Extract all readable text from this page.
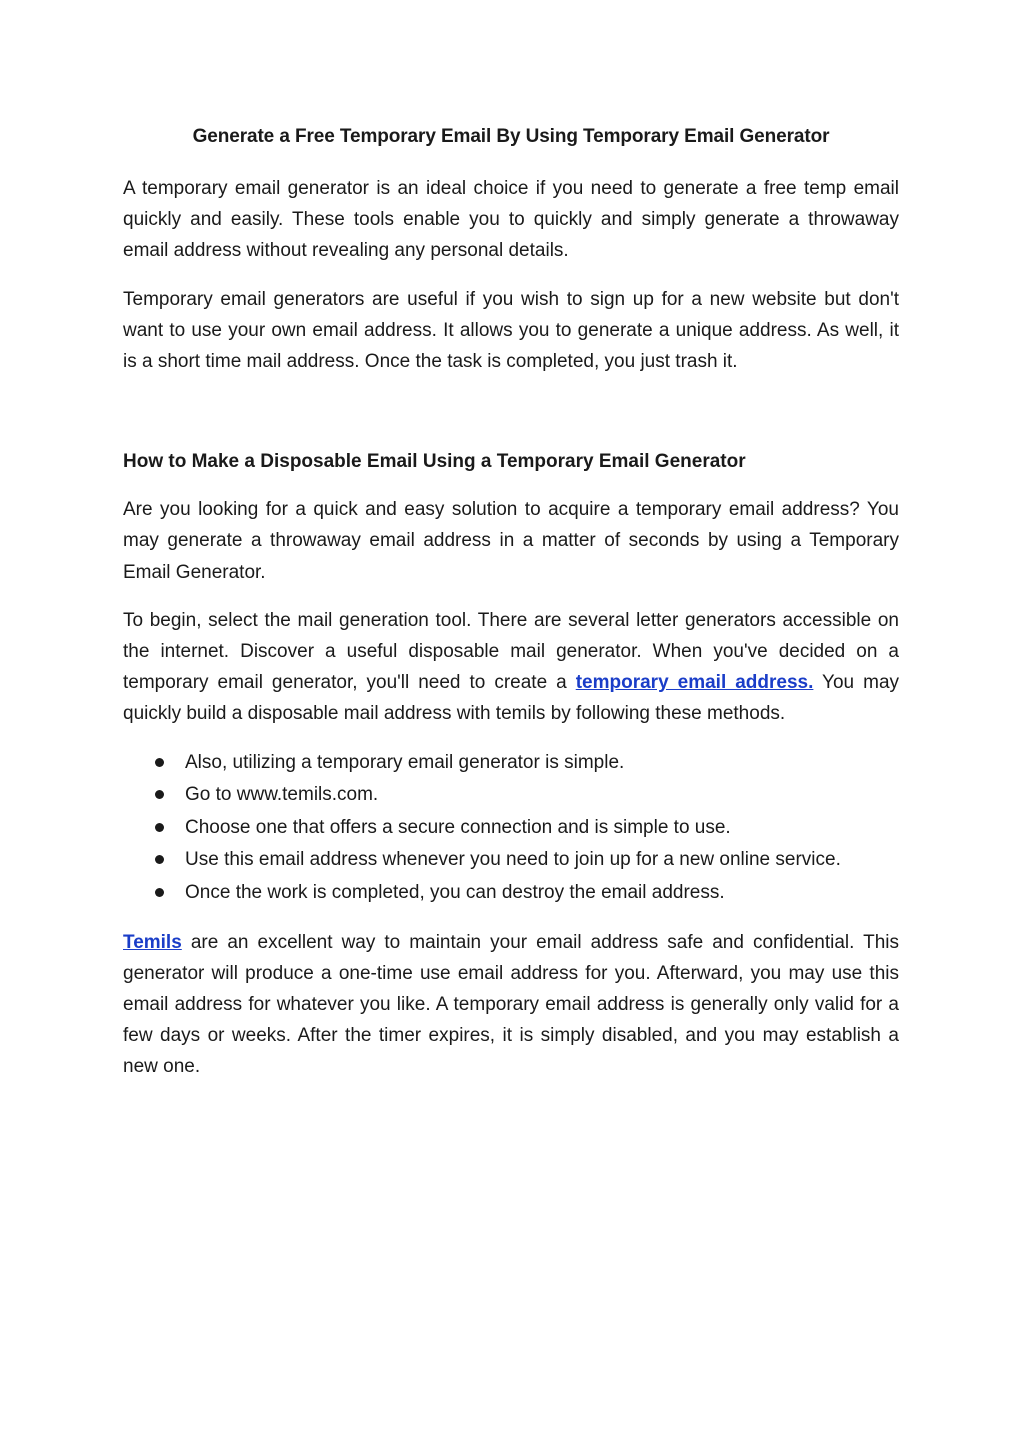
Generate a Free Temporary Email By Using Temporary Email Generator

A temporary email generator is an ideal choice if you need to generate a free temp email quickly and easily. These tools enable you to quickly and simply generate a throwaway email address without revealing any personal details.

Temporary email generators are useful if you wish to sign up for a new website but don't want to use your own email address. It allows you to generate a unique address. As well, it is a short time mail address. Once the task is completed, you just trash it.

How to Make a Disposable Email Using a Temporary Email Generator

Are you looking for a quick and easy solution to acquire a temporary email address? You may generate a throwaway email address in a matter of seconds by using a Temporary Email Generator.

To begin, select the mail generation tool. There are several letter generators accessible on the internet. Discover a useful disposable mail generator. When you've decided on a temporary email generator, you'll need to create a temporary email address. You may quickly build a disposable mail address with temils by following these methods.

Also, utilizing a temporary email generator is simple.
Go to www.temils.com.
Choose one that offers a secure connection and is simple to use.
Use this email address whenever you need to join up for a new online service.
Once the work is completed, you can destroy the email address.

Temils are an excellent way to maintain your email address safe and confidential. This generator will produce a one-time use email address for you. Afterward, you may use this email address for whatever you like. A temporary email address is generally only valid for a few days or weeks. After the timer expires, it is simply disabled, and you may establish a new one.
